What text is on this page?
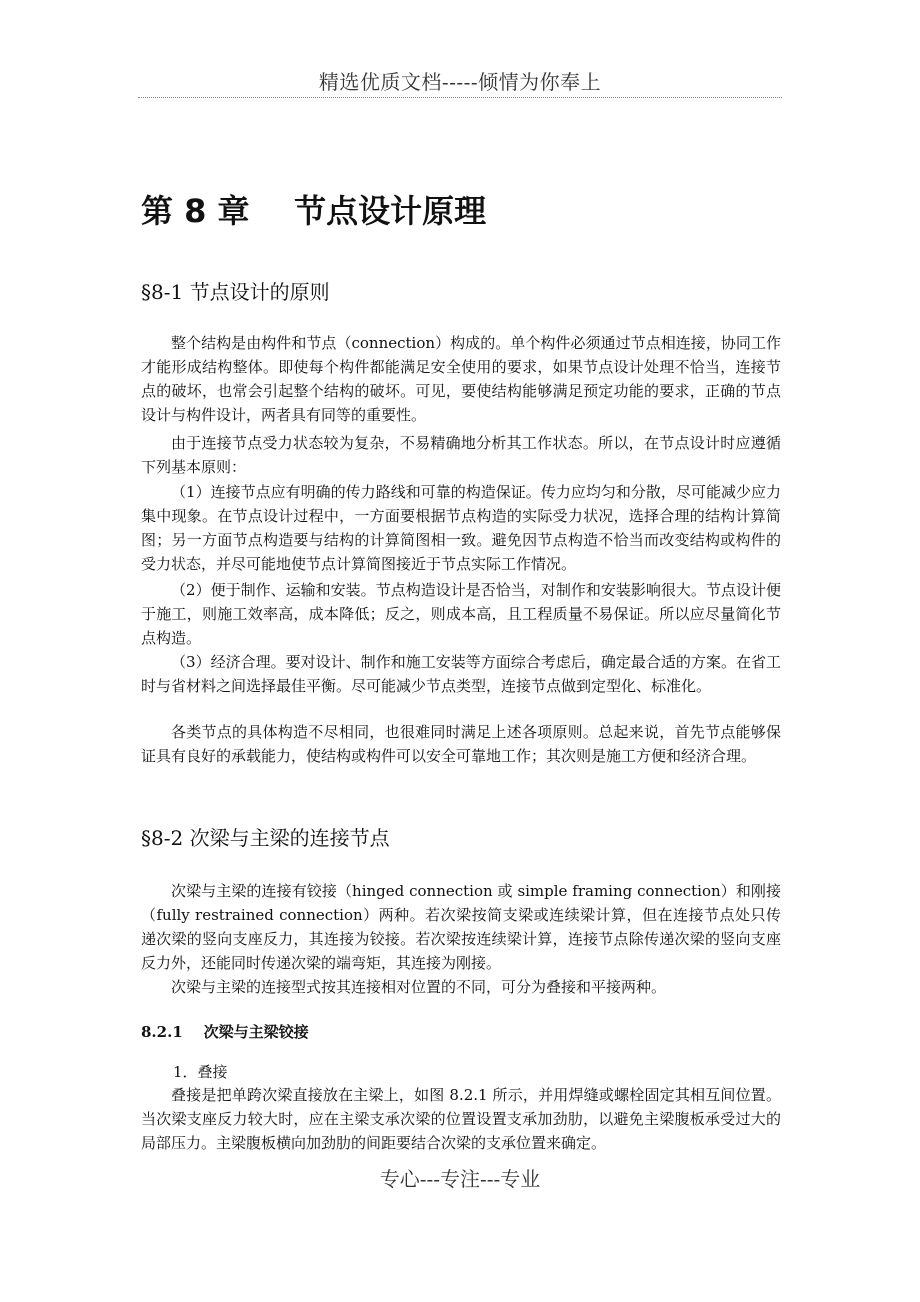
精选优质文档-----倾情为你奉上
第 8 章    节点设计原理
§8-1 节点设计的原则

整个结构是由构件和节点（connection）构成的。单个构件必须通过节点相连接，协同工作才能形成结构整体。即使每个构件都能满足安全使用的要求，如果节点设计处理不恰当，连接节点的破坏，也常会引起整个结构的破坏。可见，要使结构能够满足预定功能的要求，正确的节点设计与构件设计，两者具有同等的重要性。

由于连接节点受力状态较为复杂，不易精确地分析其工作状态。所以，在节点设计时应遵循下列基本原则：

（1）连接节点应有明确的传力路线和可靠的构造保证。传力应均匀和分散，尽可能减少应力集中现象。在节点设计过程中，一方面要根据节点构造的实际受力状况，选择合理的结构计算简图；另一方面节点构造要与结构的计算简图相一致。避免因节点构造不恰当而改变结构或构件的受力状态，并尽可能地使节点计算简图接近于节点实际工作情况。

（2）便于制作、运输和安装。节点构造设计是否恰当，对制作和安装影响很大。节点设计便于施工，则施工效率高，成本降低；反之，则成本高，且工程质量不易保证。所以应尽量简化节点构造。

（3）经济合理。要对设计、制作和施工安装等方面综合考虑后，确定最合适的方案。在省工时与省材料之间选择最佳平衡。尽可能减少节点类型，连接节点做到定型化、标准化。

各类节点的具体构造不尽相同，也很难同时满足上述各项原则。总起来说，首先节点能够保证具有良好的承载能力，使结构或构件可以安全可靠地工作；其次则是施工方便和经济合理。

§8-2 次梁与主梁的连接节点

次梁与主梁的连接有铰接（hinged connection 或 simple framing connection）和刚接（fully restrained connection）两种。若次梁按简支梁或连续梁计算，但在连接节点处只传递次梁的竖向支座反力，其连接为铰接。若次梁按连续梁计算，连接节点除传递次梁的竖向支座反力外，还能同时传递次梁的端弯矩，其连接为刚接。

次梁与主梁的连接型式按其连接相对位置的不同，可分为叠接和平接两种。

8.2.1    次梁与主梁铰接
1．叠接

叠接是把单跨次梁直接放在主梁上，如图 8.2.1 所示，并用焊缝或螺栓固定其相互间位置。当次梁支座反力较大时，应在主梁支承次梁的位置设置支承加劲肋，以避免主梁腹板承受过大的局部压力。主梁腹板横向加劲肋的间距要结合次梁的支承位置来确定。

专心---专注---专业
